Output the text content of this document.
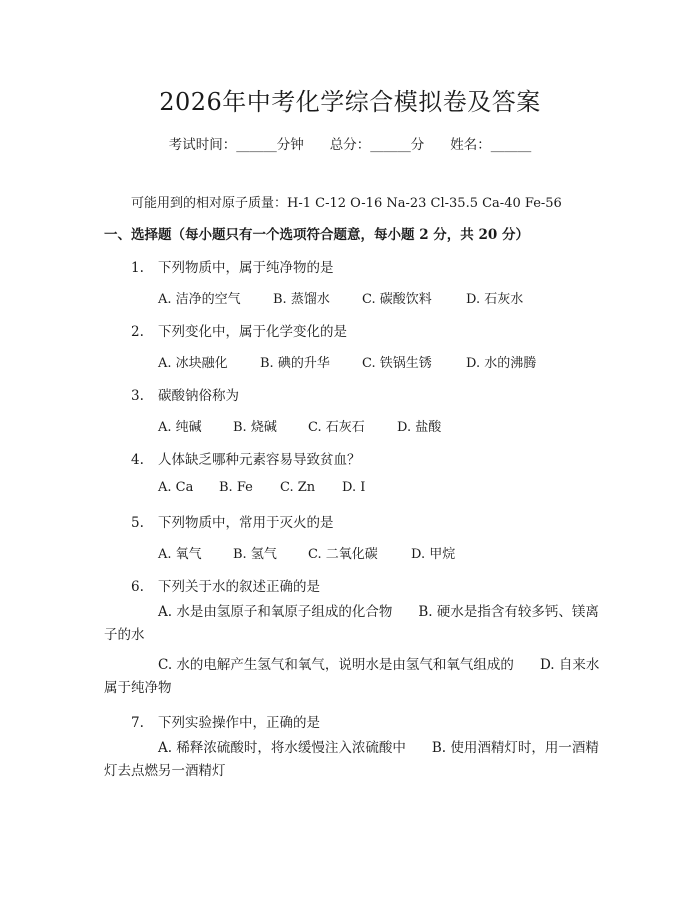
2026年中考化学综合模拟卷及答案
考试时间：______分钟 总分：______分 姓名：______
可能用到的相对原子质量：H-1 C-12 O-16 Na-23 Cl-35.5 Ca-40 Fe-56
一、选择题（每小题只有一个选项符合题意，每小题 2 分，共 20 分）
1. 下列物质中，属于纯净物的是
A. 洁净的空气 B. 蒸馏水 C. 碳酸饮料	D. 石灰水
2. 下列变化中，属于化学变化的是
A. 冰块融化 B. 碘的升华 C. 铁锅生锈	D. 水的沸腾
3. 碳酸钠俗称为
A. 纯碱 B. 烧碱 C. 石灰石 D. 盐酸
4. 人体缺乏哪种元素容易导致贫血？
A. Ca B. Fe C. Zn D. I
5. 下列物质中，常用于灭火的是
A. 氧气 B. 氢气 C. 二氧化碳	D. 甲烷
6. 下列关于水的叙述正确的是
A. 水是由氢原子和氧原子组成的化合物 B. 硬水是指含有较多钙、镁离子的水
C. 水的电解产生氢气和氧气，说明水是由氢气和氧气组成的 D. 自来水属于纯净物
7. 下列实验操作中，正确的是
A. 稀释浓硫酸时，将水缓慢注入浓硫酸中 B. 使用酒精灯时，用一酒精灯去点燃另一酒精灯
